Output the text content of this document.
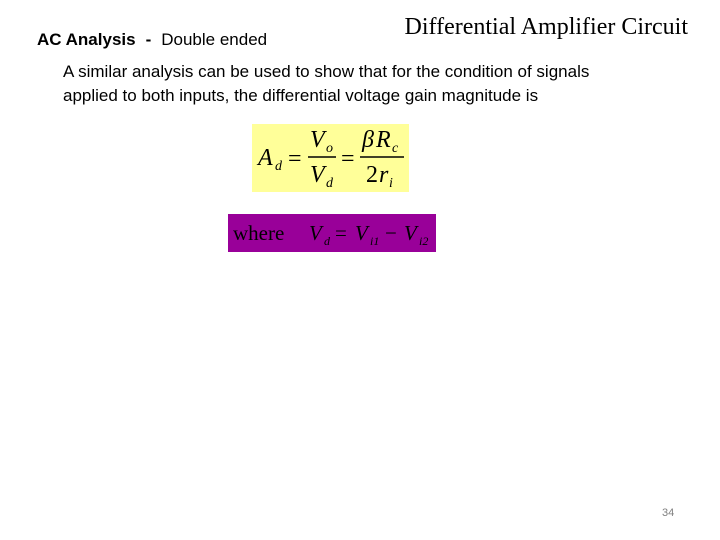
Differential Amplifier Circuit
AC Analysis - Double ended
A similar analysis can be used to show that for the condition of signals
applied to both inputs, the differential voltage gain magnitude is
A d =
V o
V d
=
β R c
2 r i
where V d = V i1 − V i2
34
